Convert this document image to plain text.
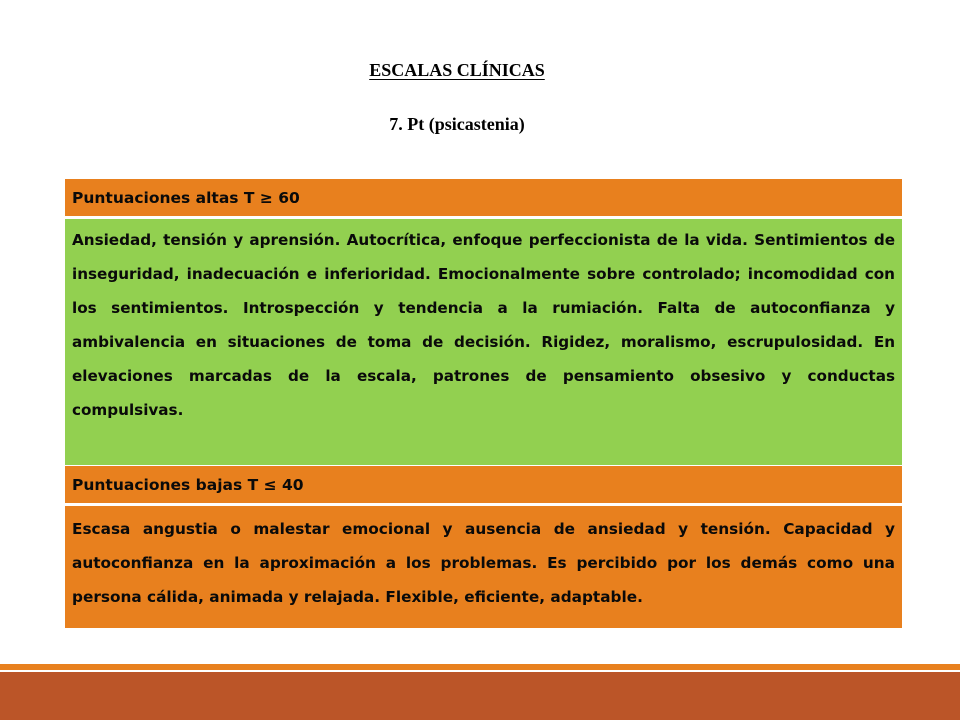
ESCALAS CLÍNICAS
7. Pt (psicastenia)
Puntuaciones altas T ≥ 60
Ansiedad, tensión y aprensión. Autocrítica, enfoque perfeccionista de la vida. Sentimientos de inseguridad, inadecuación e inferioridad. Emocionalmente sobre controlado; incomodidad con los sentimientos. Introspección y tendencia a la rumiación. Falta de autoconfianza y ambivalencia en situaciones de toma de decisión. Rigidez, moralismo, escrupulosidad. En elevaciones marcadas de la escala, patrones de pensamiento obsesivo y conductas compulsivas.
Puntuaciones bajas T ≤ 40
Escasa angustia o malestar emocional y ausencia de ansiedad y tensión. Capacidad y autoconfianza en la aproximación a los problemas. Es percibido por los demás como una persona cálida, animada y relajada. Flexible, eficiente, adaptable.
